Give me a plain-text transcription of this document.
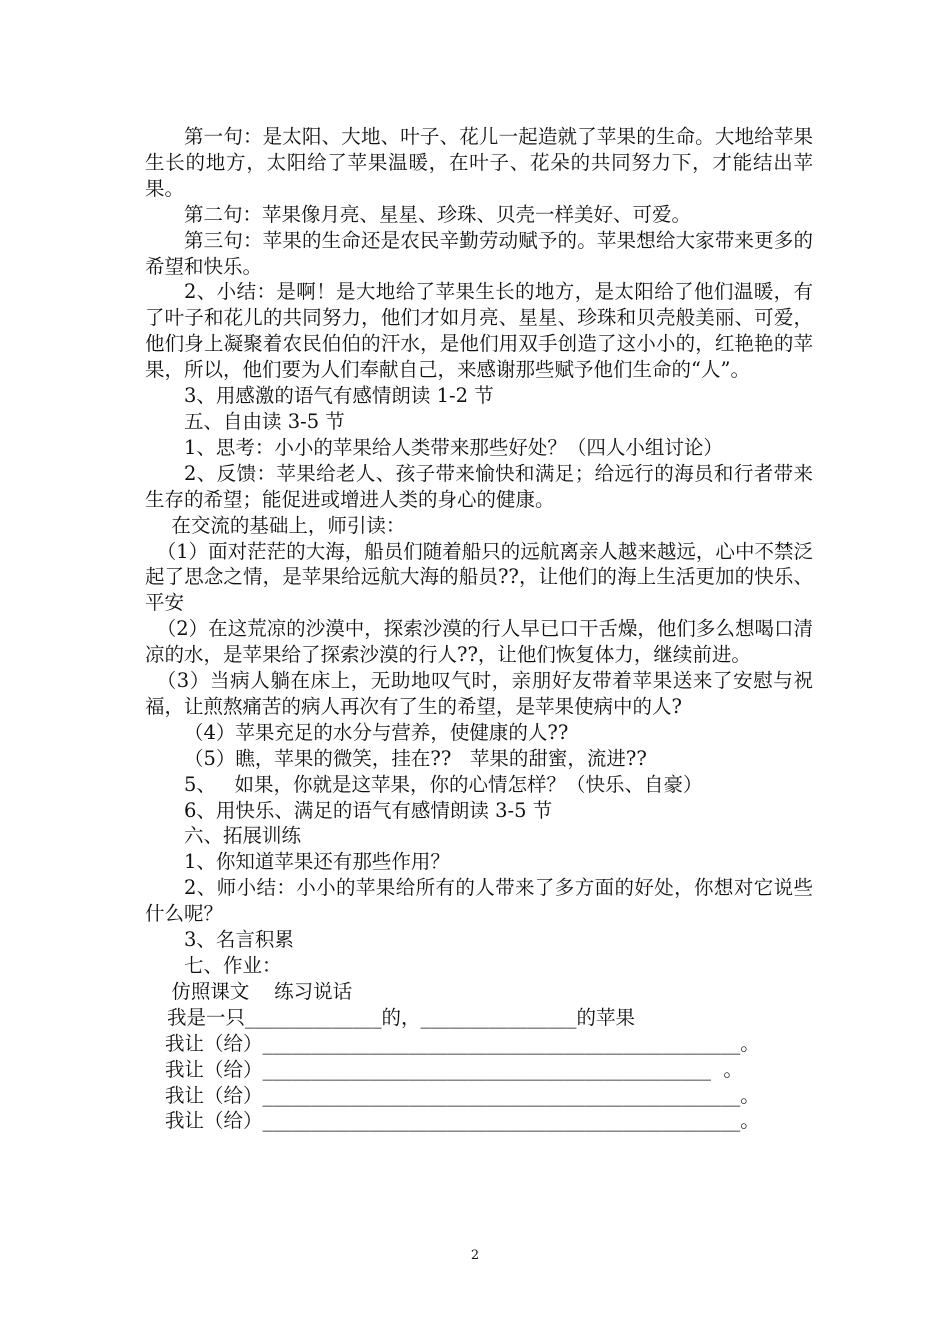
第一句：是太阳、大地、叶子、花儿一起造就了苹果的生命。大地给苹果生长的地方，太阳给了苹果温暖，在叶子、花朵的共同努力下，才能结出苹果。

第二句：苹果像月亮、星星、珍珠、贝壳一样美好、可爱。

第三句：苹果的生命还是农民辛勤劳动赋予的。苹果想给大家带来更多的希望和快乐。

2、小结：是啊！是大地给了苹果生长的地方，是太阳给了他们温暖，有了叶子和花儿的共同努力，他们才如月亮、星星、珍珠和贝壳般美丽、可爱，他们身上凝聚着农民伯伯的汗水，是他们用双手创造了这小小的，红艳艳的苹果，所以，他们要为人们奉献自己，来感谢那些赋予他们生命的“人”。

3、用感激的语气有感情朗读 1-2 节

五、自由读 3-5 节

1、思考：小小的苹果给人类带来那些好处？（四人小组讨论）

2、反馈：苹果给老人、孩子带来愉快和满足；给远行的海员和行者带来生存的希望；能促进或增进人类的身心的健康。

在交流的基础上，师引读：

（1）面对茫茫的大海，船员们随着船只的远航离亲人越来越远，心中不禁泛起了思念之情，是苹果给远航大海的船员??，让他们的海上生活更加的快乐、平安

（2）在这荒凉的沙漠中，探索沙漠的行人早已口干舌燥，他们多么想喝口清凉的水，是苹果给了探索沙漠的行人??，让他们恢复体力，继续前进。

（3）当病人躺在床上，无助地叹气时，亲朋好友带着苹果送来了安慰与祝福，让煎熬痛苦的病人再次有了生的希望，是苹果使病中的人?

（4）苹果充足的水分与营养，使健康的人??

（5）瞧，苹果的微笑，挂在??   苹果的甜蜜，流进??

5、   如果，你就是这苹果，你的心情怎样？（快乐、自豪）

6、用快乐、满足的语气有感情朗读 3-5 节

六、拓展训练

1、你知道苹果还有那些作用？

2、师小结：小小的苹果给所有的人带来了多方面的好处，你想对它说些什么呢？

3、名言积累

七、作业：

仿照课文    练习说话

我是一只______________的，________________的苹果

我让（给）_________________________________________________。

我让（给）______________________________________________  。

我让（给）_________________________________________________。

我让（给）_________________________________________________。

2
